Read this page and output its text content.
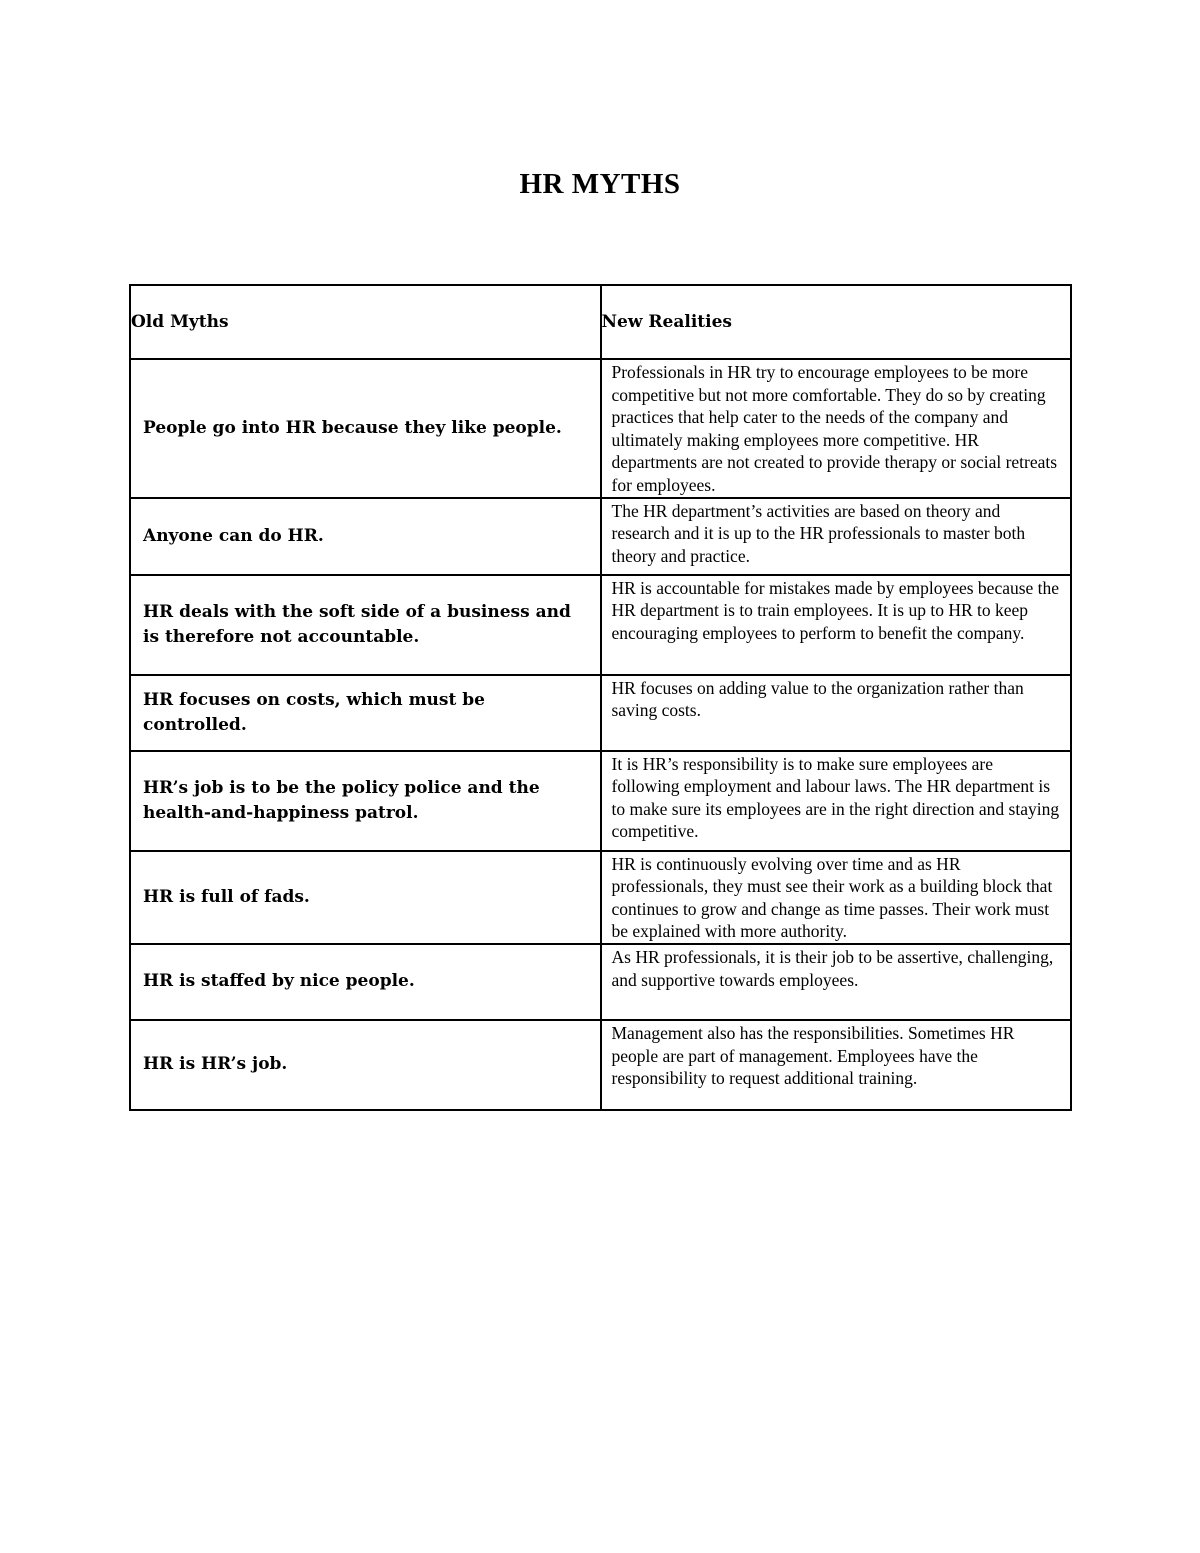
HR MYTHS
Old Myths	New Realities
People go into HR because they like people.	Professionals in HR try to encourage employees to be more competitive but not more comfortable. They do so by creating practices that help cater to the needs of the company and ultimately making employees more competitive. HR departments are not created to provide therapy or social retreats for employees.

Anyone can do HR.	The HR department’s activities are based on theory and research and it is up to the HR professionals to master both theory and practice.

HR deals with the soft side of a business and is therefore not accountable.	HR is accountable for mistakes made by employees because the HR department is to train employees. It is up to HR to keep encouraging employees to perform to benefit the company.

HR focuses on costs, which must be controlled.	HR focuses on adding value to the organization rather than saving costs.

HR’s job is to be the policy police and the health-and-happiness patrol.	It is HR’s responsibility is to make sure employees are following employment and labour laws. The HR department is to make sure its employees are in the right direction and staying competitive.

HR is full of fads.	HR is continuously evolving over time and as HR professionals, they must see their work as a building block that continues to grow and change as time passes. Their work must be explained with more authority.

HR is staffed by nice people.	As HR professionals, it is their job to be assertive, challenging, and supportive towards employees.

HR is HR’s job.	Management also has the responsibilities. Sometimes HR people are part of management. Employees have the responsibility to request additional training.
